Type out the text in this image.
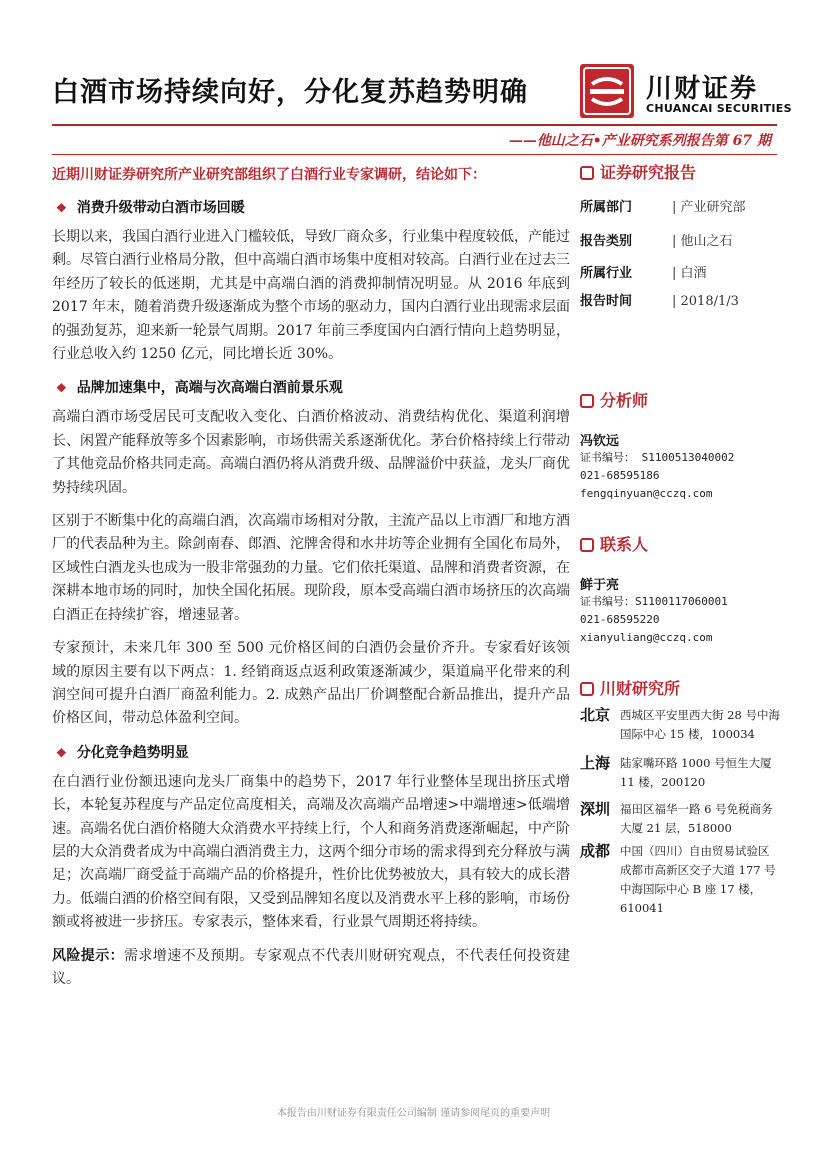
白酒市场持续向好，分化复苏趋势明确	川财证券
CHUANCAI SECURITIES
——他山之石•产业研究系列报告第 67 期
近期川财证券研究所产业研究部组织了白酒行业专家调研，结论如下：
❖ 消费升级带动白酒市场回暖

长期以来，我国白酒行业进入门槛较低，导致厂商众多，行业集中程度较低，产能过剩。尽管白酒行业格局分散，但中高端白酒市场集中度相对较高。白酒行业在过去三年经历了较长的低迷期，尤其是中高端白酒的消费抑制情况明显。从 2016 年底到 2017 年末，随着消费升级逐渐成为整个市场的驱动力，国内白酒行业出现需求层面的强劲复苏，迎来新一轮景气周期。2017 年前三季度国内白酒行情向上趋势明显，行业总收入约 1250 亿元，同比增长近 30%。

❖ 品牌加速集中，高端与次高端白酒前景乐观

高端白酒市场受居民可支配收入变化、白酒价格波动、消费结构优化、渠道利润增长、闲置产能释放等多个因素影响，市场供需关系逐渐优化。茅台价格持续上行带动了其他竞品价格共同走高。高端白酒仍将从消费升级、品牌溢价中获益，龙头厂商优势持续巩固。

区别于不断集中化的高端白酒，次高端市场相对分散，主流产品以上市酒厂和地方酒厂的代表品种为主。除剑南春、郎酒、沱牌舍得和水井坊等企业拥有全国化布局外，区域性白酒龙头也成为一股非常强劲的力量。它们依托渠道、品牌和消费者资源，在深耕本地市场的同时，加快全国化拓展。现阶段，原本受高端白酒市场挤压的次高端白酒正在持续扩容，增速显著。

专家预计，未来几年 300 至 500 元价格区间的白酒仍会量价齐升。专家看好该领域的原因主要有以下两点：1. 经销商返点返利政策逐渐减少，渠道扁平化带来的利润空间可提升白酒厂商盈利能力。2. 成熟产品出厂价调整配合新品推出，提升产品价格区间，带动总体盈利空间。

❖ 分化竞争趋势明显

在白酒行业份额迅速向龙头厂商集中的趋势下，2017 年行业整体呈现出挤压式增长，本轮复苏程度与产品定位高度相关，高端及次高端产品增速>中端增速>低端增速。高端名优白酒价格随大众消费水平持续上行，个人和商务消费逐渐崛起，中产阶层的大众消费者成为中高端白酒消费主力，这两个细分市场的需求得到充分释放与满足；次高端厂商受益于高端产品的价格提升，性价比优势被放大，具有较大的成长潜力。低端白酒的价格空间有限，又受到品牌知名度以及消费水平上移的影响，市场份额或将被进一步挤压。专家表示，整体来看，行业景气周期还将持续。

风险提示：需求增速不及预期。专家观点不代表川财研究观点，不代表任何投资建议。

证券研究报告
所属部门	| 产业研究部
报告类别	| 他山之石
所属行业	| 白酒
报告时间	| 2018/1/3
分析师
冯钦远
证书编号： S1100513040002
021-68595186
fengqinyuan@cczq.com
联系人
鲜于亮
证书编号：S1100117060001
021-68595220
xianyuliang@cczq.com
川财研究所
北京 西城区平安里西大街 28 号中海国际中心 15 楼，100034
上海 陆家嘴环路 1000 号恒生大厦 11 楼，200120
深圳 福田区福华一路 6 号免税商务大厦 21 层，518000
成都 中国（四川）自由贸易试验区成都市高新区交子大道 177 号中海国际中心 B 座 17 楼，610041
本报告由川财证券有限责任公司编制 谨请参阅尾页的重要声明
